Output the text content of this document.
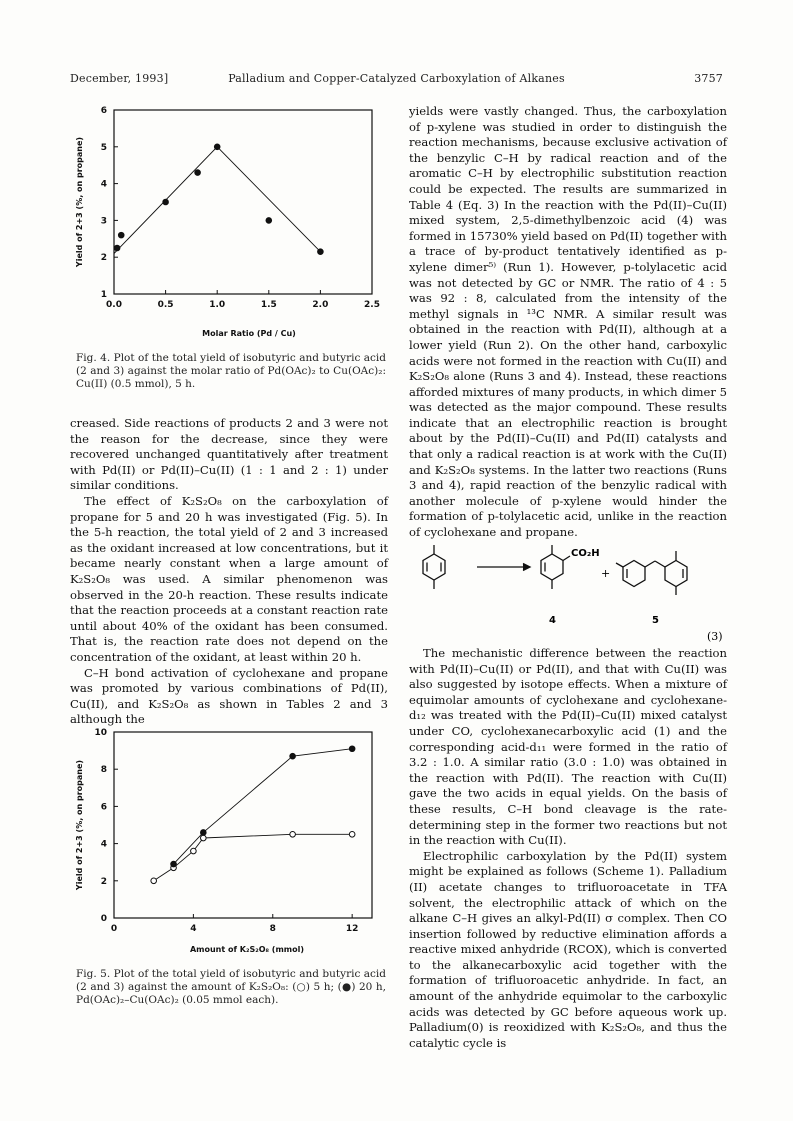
December, 1993]	Palladium and Copper-Catalyzed Carboxylation of Alkanes	3757
1
2
3
4
5
6
0.0	0.5	1.0	1.5	2.0	2.5
Molar Ratio (Pd / Cu)
Yield of 2+3 (%, on propane)
Fig. 4. Plot of the total yield of isobutyric and butyric acid (2 and 3) against the molar ratio of Pd(OAc)₂ to Cu(OAc)₂: Cu(II) (0.5 mmol), 5 h.

creased. Side reactions of products 2 and 3 were not the reason for the decrease, since they were recovered unchanged quantitatively after treatment with Pd(II) or Pd(II)–Cu(II) (1 : 1 and 2 : 1) under similar conditions.

The effect of K₂S₂O₈ on the carboxylation of propane for 5 and 20 h was investigated (Fig. 5). In the 5-h reaction, the total yield of 2 and 3 increased as the oxidant increased at low concentrations, but it became nearly constant when a large amount of K₂S₂O₈ was used. A similar phenomenon was observed in the 20-h reaction. These results indicate that the reaction proceeds at a constant reaction rate until about 40% of the oxidant has been consumed. That is, the reaction rate does not depend on the concentration of the oxidant, at least within 20 h.

C–H bond activation of cyclohexane and propane was promoted by various combinations of Pd(II), Cu(II), and K₂S₂O₈ as shown in Tables 2 and 3 although the

0
2
4
6
8
10
0	4	8	12
Amount of K₂S₂O₈ (mmol)
Yield of 2+3 (%, on propane)
Fig. 5. Plot of the total yield of isobutyric and butyric acid (2 and 3) against the amount of K₂S₂O₈: (○) 5 h; (●) 20 h, Pd(OAc)₂–Cu(OAc)₂ (0.05 mmol each).

yields were vastly changed. Thus, the carboxylation of p-xylene was studied in order to distinguish the reaction mechanisms, because exclusive activation of the benzylic C–H by radical reaction and of the aromatic C–H by electrophilic substitution reaction could be expected. The results are summarized in Table 4 (Eq. 3) In the reaction with the Pd(II)–Cu(II) mixed system, 2,5-dimethylbenzoic acid (4) was formed in 15730% yield based on Pd(II) together with a trace of by-product tentatively identified as p-xylene dimer⁵⁾ (Run 1). However, p-tolylacetic acid was not detected by GC or NMR. The ratio of 4 : 5 was 92 : 8, calculated from the intensity of the methyl signals in ¹³C NMR. A similar result was obtained in the reaction with Pd(II), although at a lower yield (Run 2). On the other hand, carboxylic acids were not formed in the reaction with Cu(II) and K₂S₂O₈ alone (Runs 3 and 4). Instead, these reactions afforded mixtures of many products, in which dimer 5 was detected as the major compound. These results indicate that an electrophilic reaction is brought about by the Pd(II)–Cu(II) and Pd(II) catalysts and that only a radical reaction is at work with the Cu(II) and K₂S₂O₈ systems. In the latter two reactions (Runs 3 and 4), rapid reaction of the benzylic radical with another molecule of p-xylene would hinder the formation of p-tolylacetic acid, unlike in the reaction of cyclohexane and propane.

CO₂H
+
4	5
(3)

The mechanistic difference between the reaction with Pd(II)–Cu(II) or Pd(II), and that with Cu(II) was also suggested by isotope effects. When a mixture of equimolar amounts of cyclohexane and cyclohexane-d₁₂ was treated with the Pd(II)–Cu(II) mixed catalyst under CO, cyclohexanecarboxylic acid (1) and the corresponding acid-d₁₁ were formed in the ratio of 3.2 : 1.0. A similar ratio (3.0 : 1.0) was obtained in the reaction with Pd(II). The reaction with Cu(II) gave the two acids in equal yields. On the basis of these results, C–H bond cleavage is the rate-determining step in the former two reactions but not in the reaction with Cu(II).

Electrophilic carboxylation by the Pd(II) system might be explained as follows (Scheme 1). Palladium (II) acetate changes to trifluoroacetate in TFA solvent, the electrophilic attack of which on the alkane C–H gives an alkyl-Pd(II) σ complex. Then CO insertion followed by reductive elimination affords a reactive mixed anhydride (RCOX), which is converted to the alkanecarboxylic acid together with the formation of trifluoroacetic anhydride. In fact, an amount of the anhydride equimolar to the carboxylic acids was detected by GC before aqueous work up. Palladium(0) is reoxidized with K₂S₂O₈, and thus the catalytic cycle is
